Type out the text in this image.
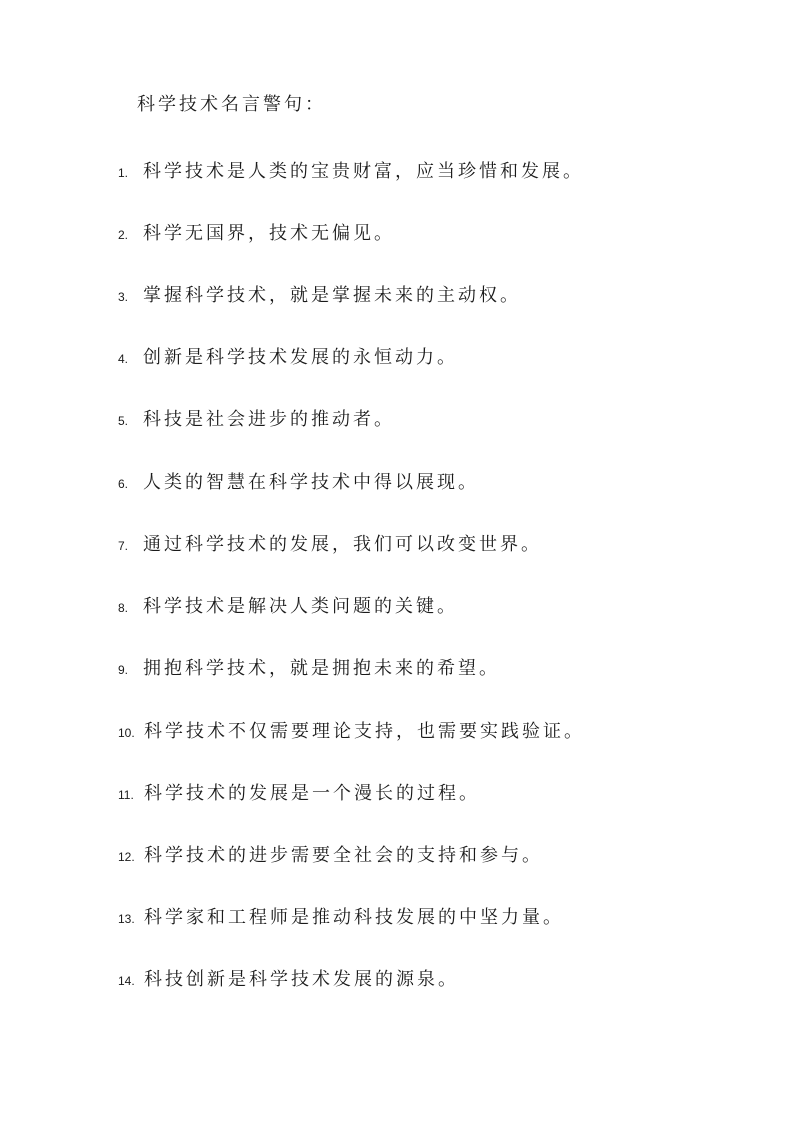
科学技术名言警句：
1. 科学技术是人类的宝贵财富，应当珍惜和发展。
2. 科学无国界，技术无偏见。
3. 掌握科学技术，就是掌握未来的主动权。
4. 创新是科学技术发展的永恒动力。
5. 科技是社会进步的推动者。
6. 人类的智慧在科学技术中得以展现。
7. 通过科学技术的发展，我们可以改变世界。
8. 科学技术是解决人类问题的关键。
9. 拥抱科学技术，就是拥抱未来的希望。
10. 科学技术不仅需要理论支持，也需要实践验证。
11. 科学技术的发展是一个漫长的过程。
12. 科学技术的进步需要全社会的支持和参与。
13. 科学家和工程师是推动科技发展的中坚力量。
14. 科技创新是科学技术发展的源泉。
